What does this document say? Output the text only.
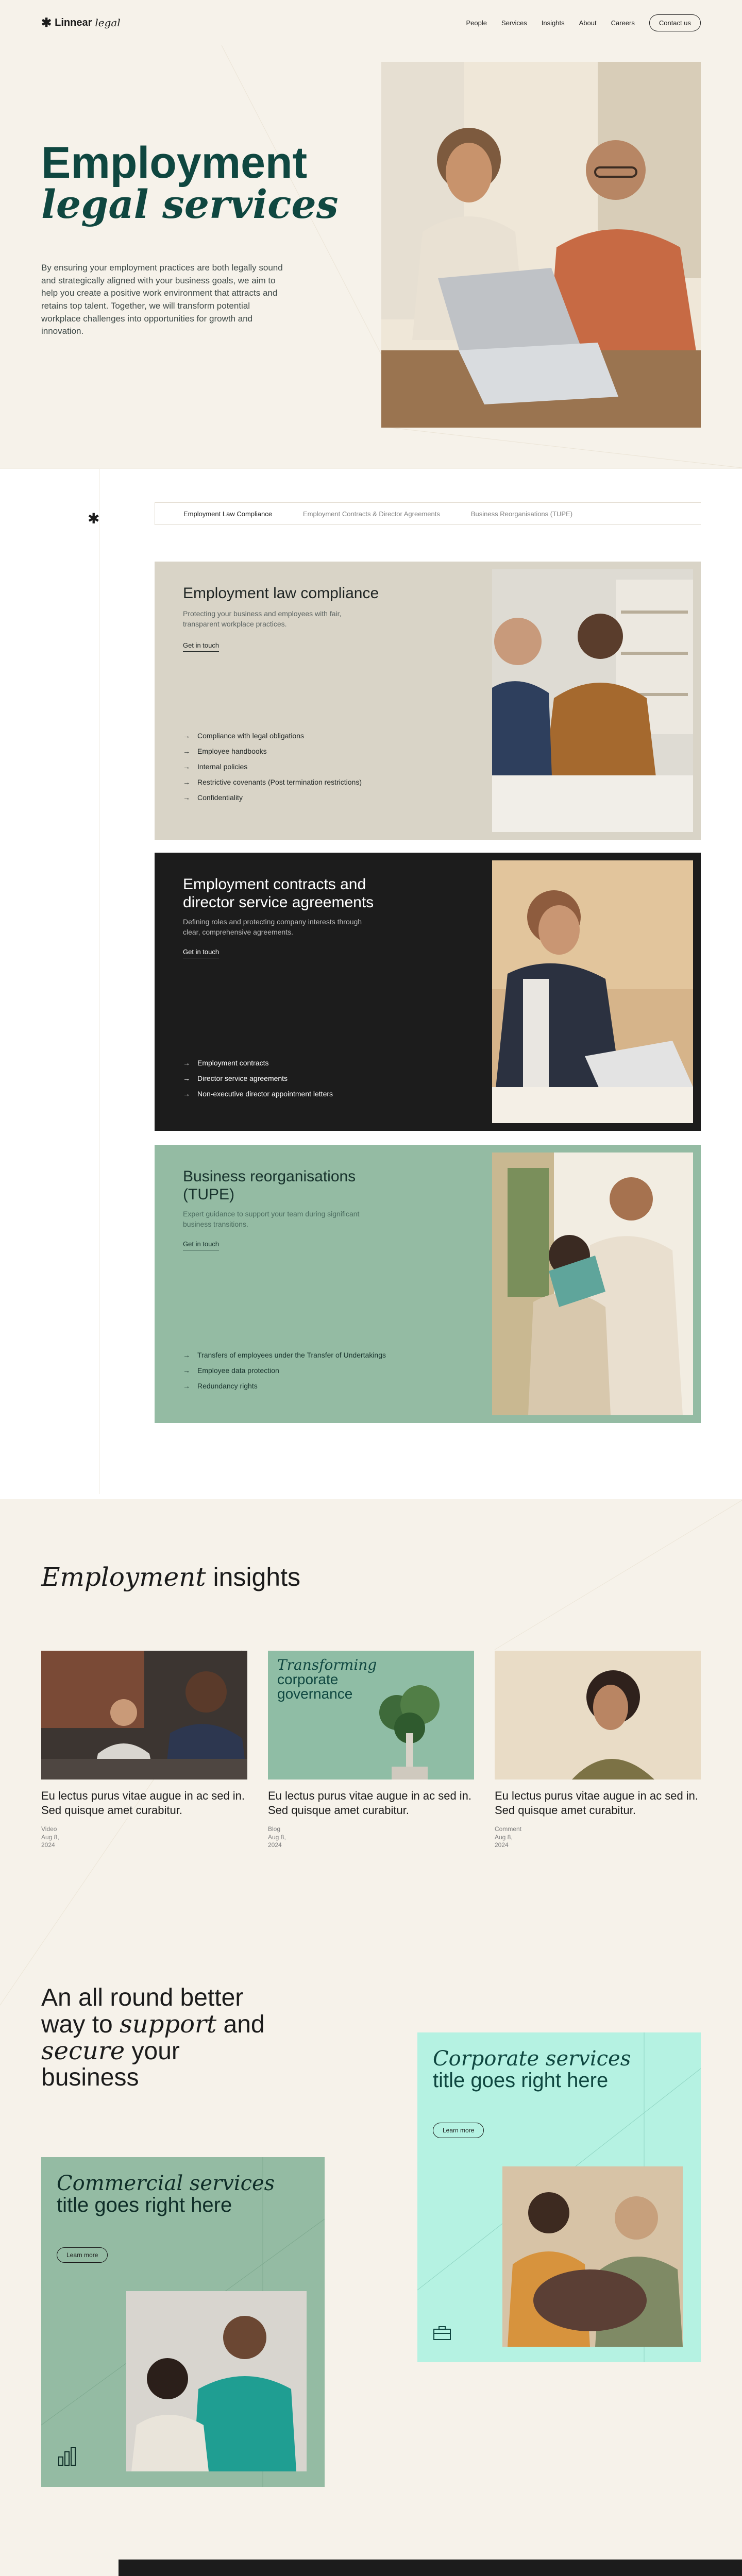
✱ Linnear legal	People Services Insights About Careers	Contact us
Employment
legal services

By ensuring your employment practices are both legally sound and strategically aligned with your business goals, we aim to help you create a positive work environment that attracts and retains top talent. Together, we will transform potential workplace challenges into opportunities for growth and innovation.

✱	Employment Law Compliance	Employment Contracts & Director Agreements	Business Reorganisations (TUPE)
Employment law compliance

Protecting your business and employees with fair, transparent workplace practices.

Get in touch
→ Compliance with legal obligations
→ Employee handbooks
→ Internal policies
→ Restrictive covenants (Post termination restrictions)
→ Confidentiality
Employment contracts and director service agreements

Defining roles and protecting company interests through clear, comprehensive agreements.

Get in touch
→ Employment contracts
→ Director service agreements
→ Non-executive director appointment letters
Business reorganisations (TUPE)

Expert guidance to support your team during significant business transitions.

Get in touch
→ Transfers of employees under the Transfer of Undertakings
→ Employee data protection
→ Redundancy rights
Employment insights

Eu lectus purus vitae augue in ac sed in. Sed quisque amet curabitur.

Video
Aug 8,
2024
Transforming
corporate
governance

Eu lectus purus vitae augue in ac sed in. Sed quisque amet curabitur.

Blog
Aug 8,
2024

Eu lectus purus vitae augue in ac sed in. Sed quisque amet curabitur.

Comment
Aug 8,
2024
An all round better
way to support and
secure your
business
Corporate services
title goes right here
Learn more
Commercial services
title goes right here
Learn more
